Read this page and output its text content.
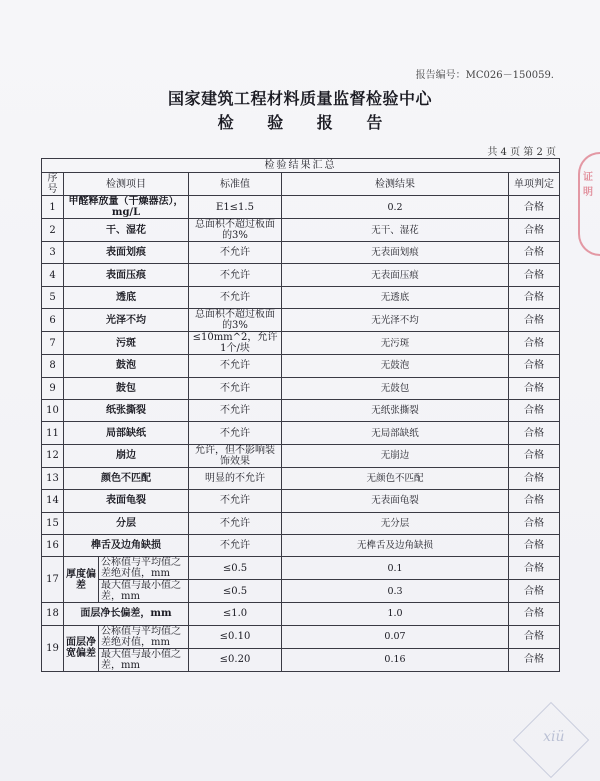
报告编号：MC026－150059.
国家建筑工程材料质量监督检验中心
检 验 报 告
共 4 页 第 2 页
检验结果汇总					
序号	检测项目		标准值	检测结果	单项判定
1	甲醛释放量（干燥器法），mg/L		E1≤1.5	0.2	合格
2	干、湿花		总面积不超过板面的3%	无干、湿花	合格
3	表面划痕		不允许	无表面划痕	合格
4	表面压痕		不允许	无表面压痕	合格
5	透底		不允许	无透底	合格
6	光泽不均		总面积不超过板面的3%	无光泽不均	合格
7	污斑		≤10mm^2，允许1个/块	无污斑	合格
8	鼓泡		不允许	无鼓泡	合格
9	鼓包		不允许	无鼓包	合格
10	纸张撕裂		不允许	无纸张撕裂	合格
11	局部缺纸		不允许	无局部缺纸	合格
12	崩边		允许，但不影响装饰效果	无崩边	合格
13	颜色不匹配		明显的不允许	无颜色不匹配	合格
14	表面龟裂		不允许	无表面龟裂	合格
15	分层		不允许	无分层	合格
16	榫舌及边角缺损		不允许	无榫舌及边角缺损	合格
17	厚度偏差	公称值与平均值之差绝对值，mm	≤0.5	0.1	合格
		最大值与最小值之差，mm	≤0.5	0.3	合格
18	面层净长偏差，mm		≤1.0	1.0	合格
19	面层净宽偏差	公称值与平均值之差绝对值，mm	≤0.10	0.07	合格
		最大值与最小值之差，mm	≤0.20	0.16	合格
证明
xiü
